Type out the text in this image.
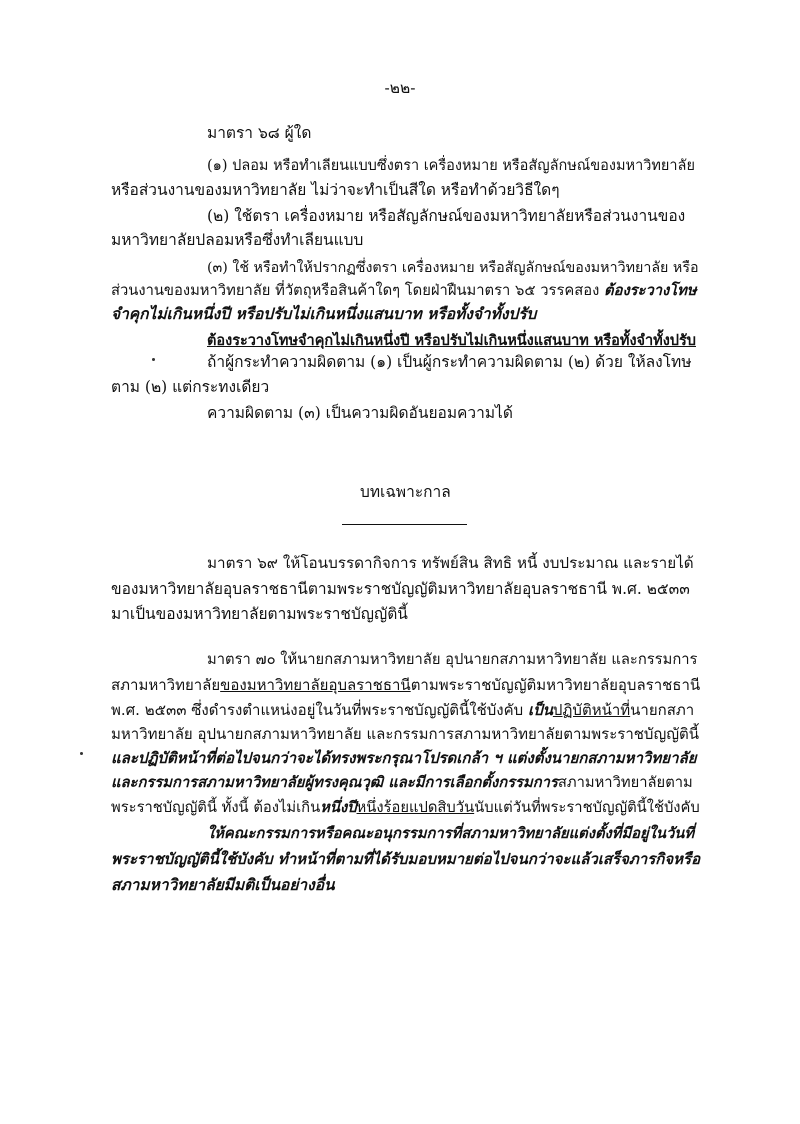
-๒๒-
มาตรา ๖๘ ผู้ใด
(๑) ปลอม หรือทำเลียนแบบซึ่งตรา เครื่องหมาย หรือสัญลักษณ์ของมหาวิทยาลัย
หรือส่วนงานของมหาวิทยาลัย ไม่ว่าจะทำเป็นสีใด หรือทำด้วยวิธีใดๆ
(๒) ใช้ตรา เครื่องหมาย หรือสัญลักษณ์ของมหาวิทยาลัยหรือส่วนงานของ
มหาวิทยาลัยปลอมหรือซึ่งทำเลียนแบบ
(๓) ใช้ หรือทำให้ปรากฏซึ่งตรา เครื่องหมาย หรือสัญลักษณ์ของมหาวิทยาลัย หรือ
ส่วนงานของมหาวิทยาลัย ที่วัตถุหรือสินค้าใดๆ โดยฝ่าฝืนมาตรา ๖๕ วรรคสอง ต้องระวางโทษ
จำคุกไม่เกินหนึ่งปี หรือปรับไม่เกินหนึ่งแสนบาท หรือทั้งจำทั้งปรับ
ต้องระวางโทษจำคุกไม่เกินหนึ่งปี หรือปรับไม่เกินหนึ่งแสนบาท หรือทั้งจำทั้งปรับ
ถ้าผู้กระทำความผิดตาม (๑) เป็นผู้กระทำความผิดตาม (๒) ด้วย ให้ลงโทษ
ตาม (๒) แต่กระทงเดียว
ความผิดตาม (๓) เป็นความผิดอันยอมความได้
บทเฉพาะกาล
มาตรา ๖๙ ให้โอนบรรดากิจการ ทรัพย์สิน สิทธิ หนี้ งบประมาณ และรายได้
ของมหาวิทยาลัยอุบลราชธานีตามพระราชบัญญัติมหาวิทยาลัยอุบลราชธานี พ.ศ. ๒๕๓๓
มาเป็นของมหาวิทยาลัยตามพระราชบัญญัตินี้
มาตรา ๗๐ ให้นายกสภามหาวิทยาลัย อุปนายกสภามหาวิทยาลัย และกรรมการ
สภามหาวิทยาลัยของมหาวิทยาลัยอุบลราชธานีตามพระราชบัญญัติมหาวิทยาลัยอุบลราชธานี
พ.ศ. ๒๕๓๓ ซึ่งดำรงตำแหน่งอยู่ในวันที่พระราชบัญญัตินี้ใช้บังคับ เป็นปฏิบัติหน้าที่นายกสภา
มหาวิทยาลัย อุปนายกสภามหาวิทยาลัย และกรรมการสภามหาวิทยาลัยตามพระราชบัญญัตินี้
และปฏิบัติหน้าที่ต่อไปจนกว่าจะได้ทรงพระกรุณาโปรดเกล้า ฯ แต่งตั้งนายกสภามหาวิทยาลัย
และกรรมการสภามหาวิทยาลัยผู้ทรงคุณวุฒิ และมีการเลือกตั้งกรรมการสภามหาวิทยาลัยตาม
พระราชบัญญัตินี้ ทั้งนี้ ต้องไม่เกินหนึ่งปีหนึ่งร้อยแปดสิบวันนับแต่วันที่พระราชบัญญัตินี้ใช้บังคับ
ให้คณะกรรมการหรือคณะอนุกรรมการที่สภามหาวิทยาลัยแต่งตั้งที่มีอยู่ในวันที่
พระราชบัญญัตินี้ใช้บังคับ ทำหน้าที่ตามที่ได้รับมอบหมายต่อไปจนกว่าจะแล้วเสร็จภารกิจหรือ
สภามหาวิทยาลัยมีมติเป็นอย่างอื่น
